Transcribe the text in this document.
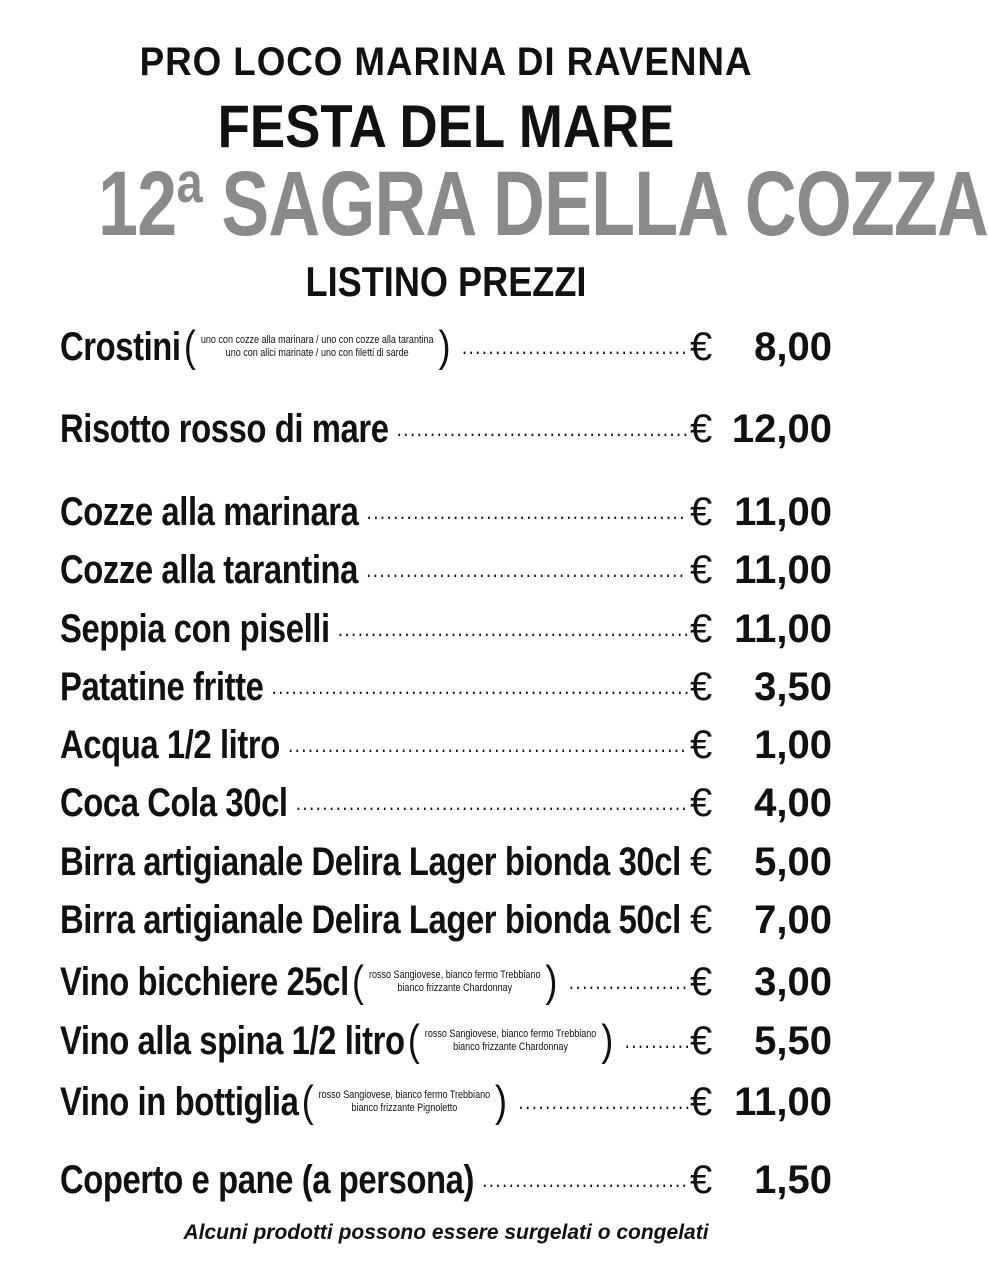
PRO LOCO MARINA DI RAVENNA
FESTA DEL MARE
12ª SAGRA DELLA COZZA
LISTINO PREZZI
Crostini ( uno con cozze alla marinara / uno con cozze alla tarantina
uno con alici marinate / uno con filetti di sarde ) .................................. € 8,00
Risotto rosso di mare ............................................ € 12,00
Cozze alla marinara ................................................ € 11,00
Cozze alla tarantina ................................................ € 11,00
Seppia con piselli ..................................................... € 11,00
Patatine fritte ............................................................... € 3,50
Acqua 1/2 litro ............................................................ € 1,00
Coca Cola 30cl ........................................................... € 4,00
Birra artigianale Delira Lager bionda 30cl € 5,00
Birra artigianale Delira Lager bionda 50cl € 7,00
Vino bicchiere 25cl ( rosso Sangiovese, bianco fermo Trebbiano
bianco frizzante Chardonnay ) .................. € 3,00
Vino alla spina 1/2 litro ( rosso Sangiovese, bianco fermo Trebbiano
bianco frizzante Chardonnay ) ..........
€ 5,50
Vino in bottiglia ( rosso Sangiovese, bianco fermo Trebbiano
bianco frizzante Pignoletto ) ..........................
€ 11,00
Coperto e pane (a persona) ............................... € 1,50
Alcuni prodotti possono essere surgelati o congelati
